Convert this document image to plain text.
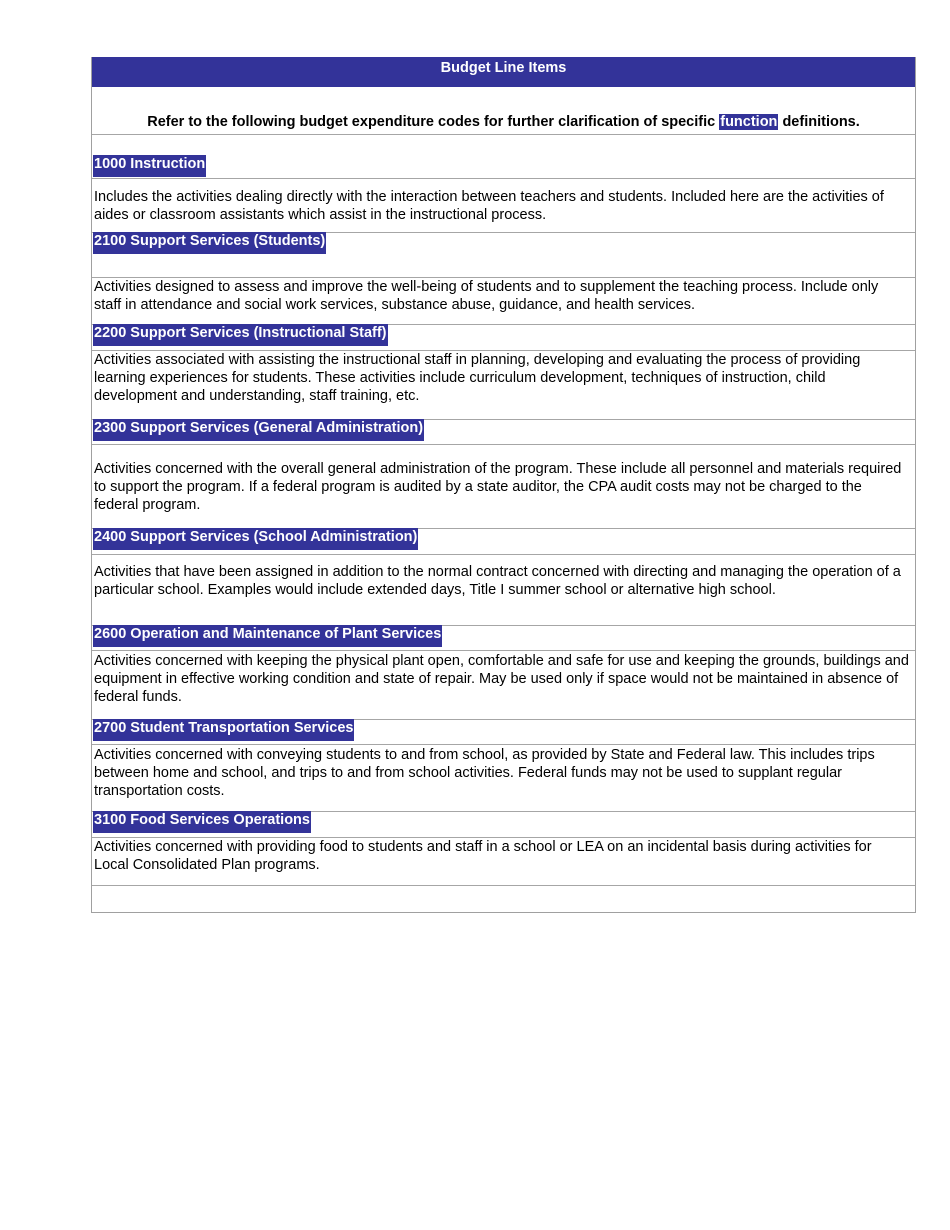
Budget Line Items
Refer to the following budget expenditure codes for further clarification of specific function definitions.
1000 Instruction
Includes the activities dealing directly with the interaction between teachers and students. Included here are the activities of aides or classroom assistants which assist in the instructional process.
2100 Support Services (Students)
Activities designed to assess and improve the well-being of students and to supplement the teaching process. Include only staff in attendance and social work services, substance abuse, guidance, and health services.
2200 Support Services (Instructional Staff)
Activities associated with assisting the instructional staff in planning, developing and evaluating the process of providing learning experiences for students. These activities include curriculum development, techniques of instruction, child development and understanding, staff training, etc.
2300 Support Services (General Administration)
Activities concerned with the overall general administration of the program. These include all personnel and materials required to support the program. If a federal program is audited by a state auditor, the CPA audit costs may not be charged to the federal program.
2400 Support Services (School Administration)
Activities that have been assigned in addition to the normal contract concerned with directing and managing the operation of a particular school. Examples would include extended days, Title I summer school or alternative high school.
2600 Operation and Maintenance of Plant Services
Activities concerned with keeping the physical plant open, comfortable and safe for use and keeping the grounds, buildings and equipment in effective working condition and state of repair. May be used only if space would not be maintained in absence of federal funds.
2700 Student Transportation Services
Activities concerned with conveying students to and from school, as provided by State and Federal law. This includes trips between home and school, and trips to and from school activities. Federal funds may not be used to supplant regular transportation costs.
3100 Food Services Operations
Activities concerned with providing food to students and staff in a school or LEA on an incidental basis during activities for Local Consolidated Plan programs.
